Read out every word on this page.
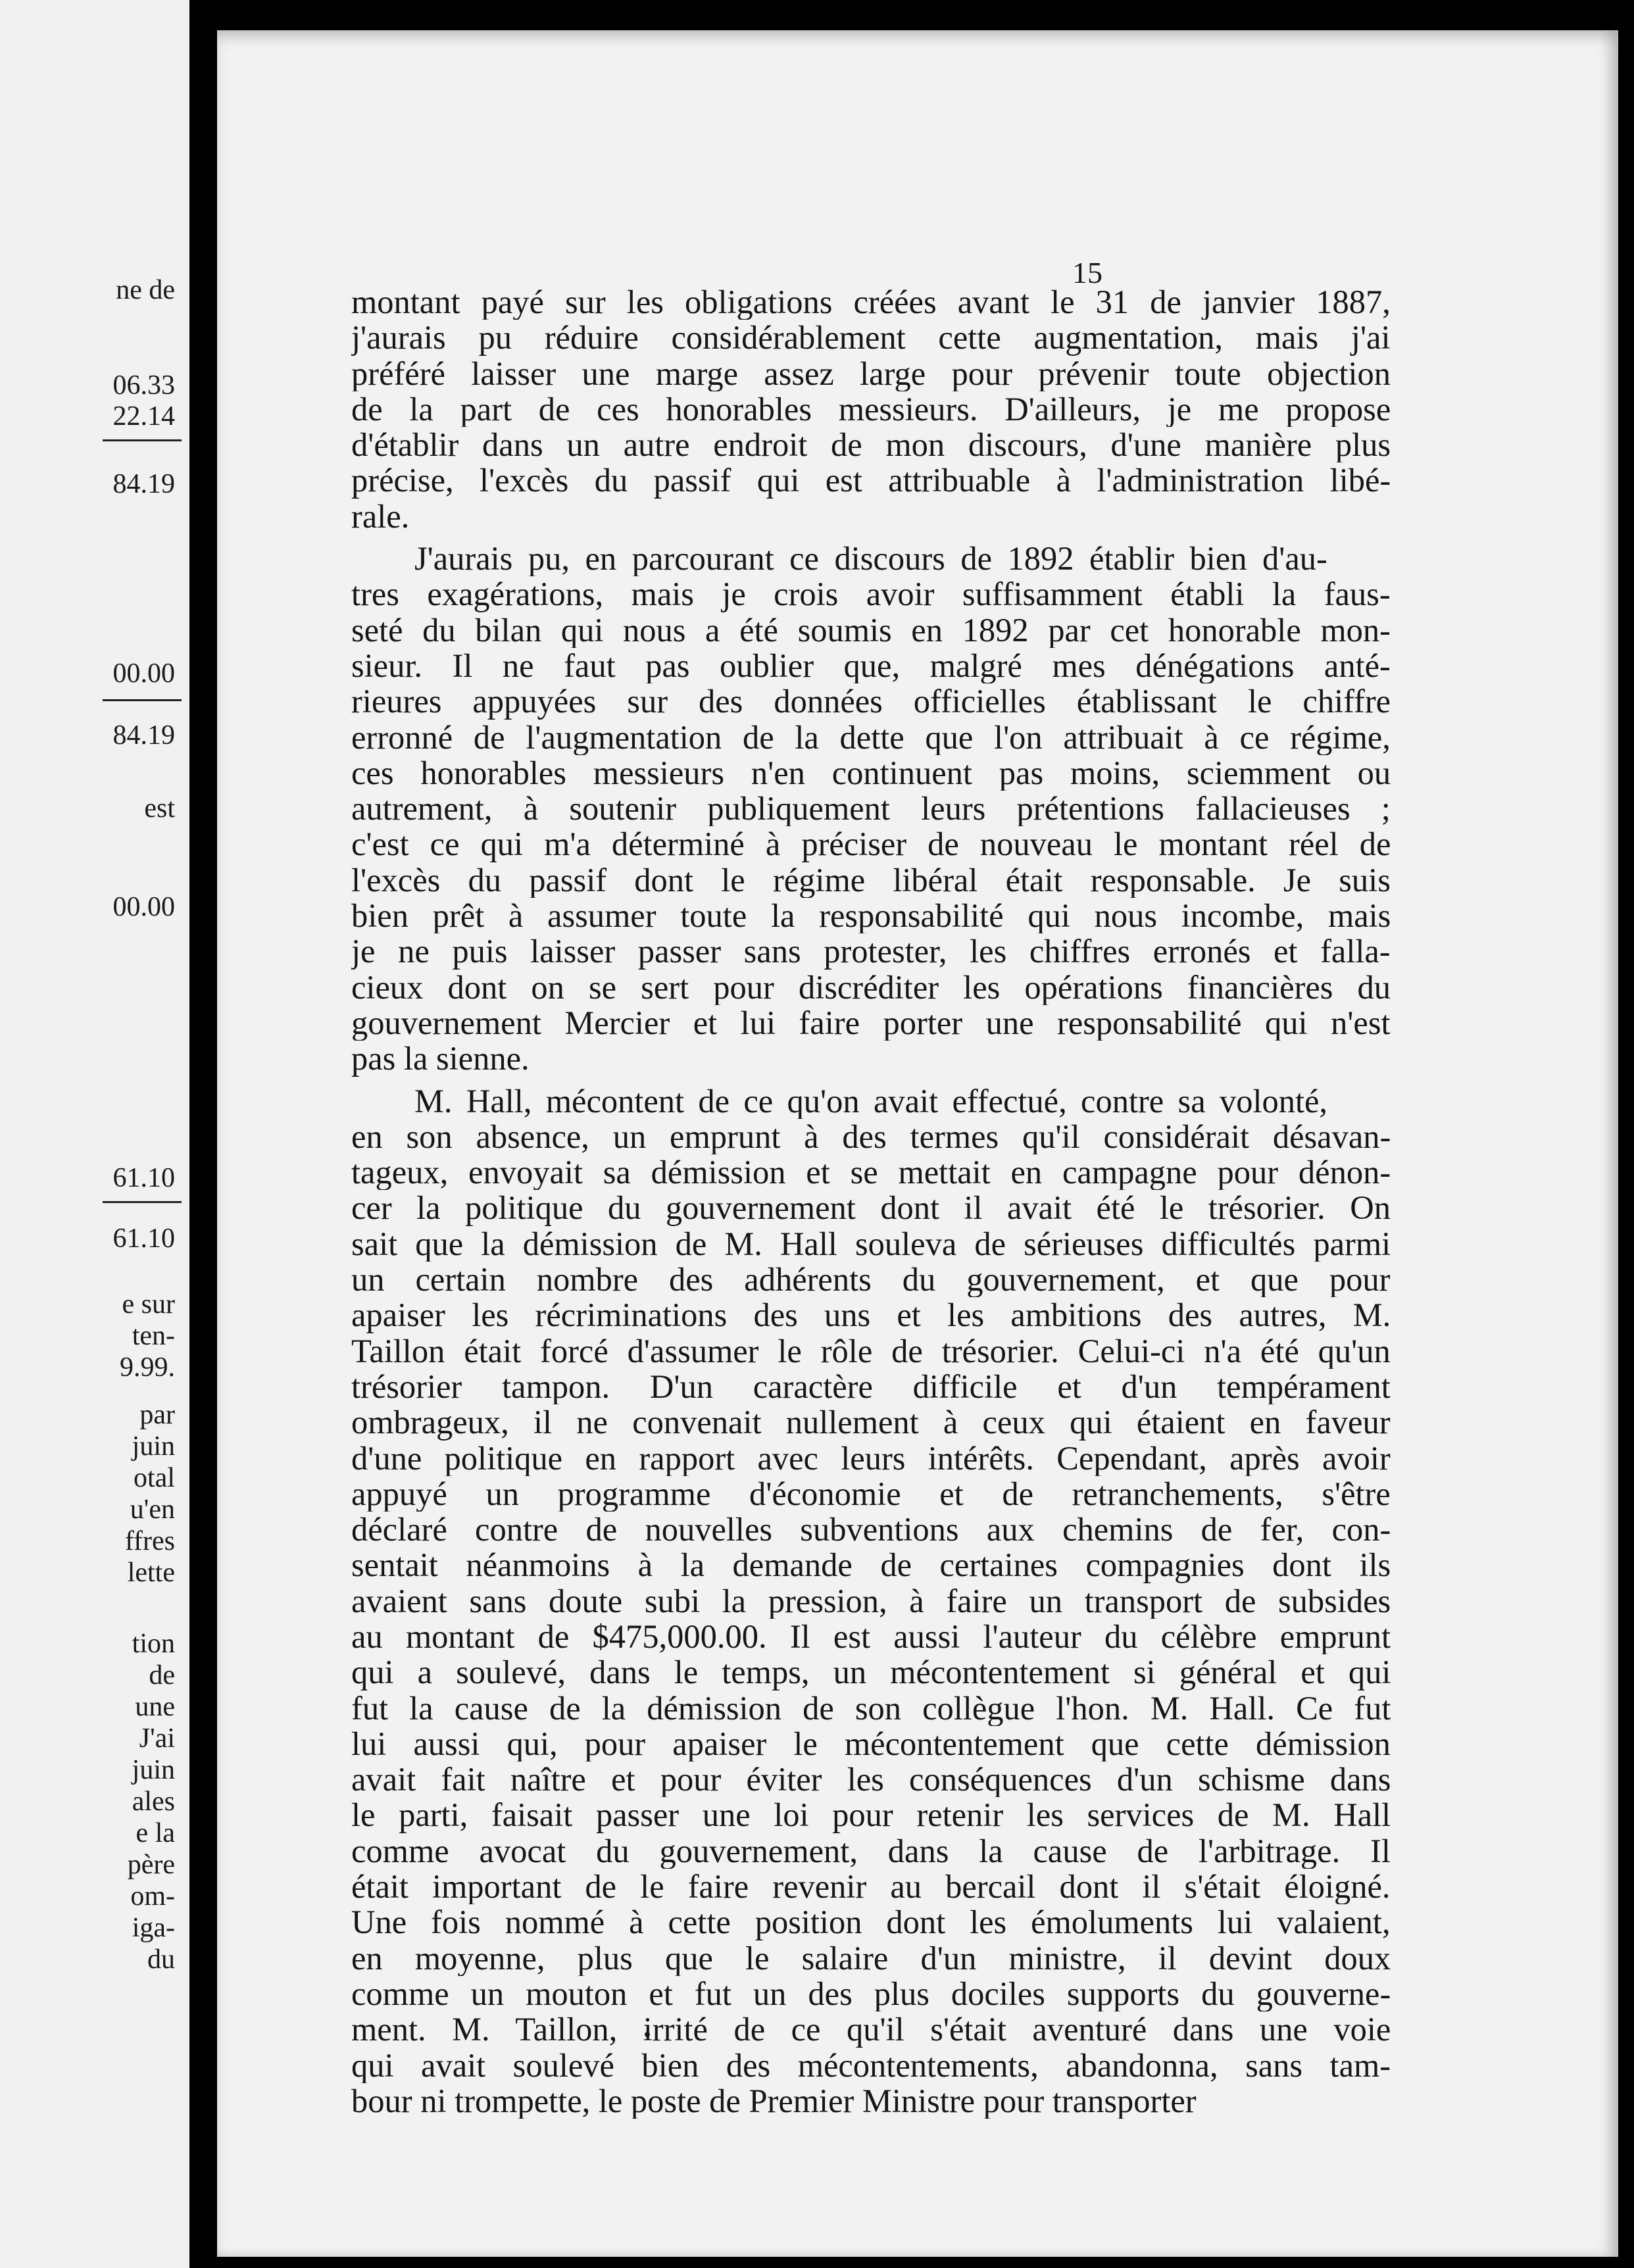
ne de
06.33
22.14
84.19
00.00
84.19
est
00.00
61.10
61.10
e sur
ten-
9.99.
par
juin
otal
u'en
ffres
lette
tion
de
une
J'ai
juin
ales
e la
père
om-
iga-
du
15
montant payé sur les obligations créées avant le 31 de janvier 1887,
j'aurais pu réduire considérablement cette augmentation, mais j'ai
préféré laisser une marge assez large pour prévenir toute objection
de la part de ces honorables messieurs. D'ailleurs, je me propose
d'établir dans un autre endroit de mon discours, d'une manière plus
précise, l'excès du passif qui est attribuable à l'administration libé-
rale.
J'aurais pu, en parcourant ce discours de 1892 établir bien d'au-
tres exagérations, mais je crois avoir suffisamment établi la faus-
seté du bilan qui nous a été soumis en 1892 par cet honorable mon-
sieur. Il ne faut pas oublier que, malgré mes dénégations anté-
rieures appuyées sur des données officielles établissant le chiffre
erronné de l'augmentation de la dette que l'on attribuait à ce régime,
ces honorables messieurs n'en continuent pas moins, sciemment ou
autrement, à soutenir publiquement leurs prétentions fallacieuses ;
c'est ce qui m'a déterminé à préciser de nouveau le montant réel de
l'excès du passif dont le régime libéral était responsable. Je suis
bien prêt à assumer toute la responsabilité qui nous incombe, mais
je ne puis laisser passer sans protester, les chiffres erronés et falla-
cieux dont on se sert pour discréditer les opérations financières du
gouvernement Mercier et lui faire porter une responsabilité qui n'est
pas la sienne.
M. Hall, mécontent de ce qu'on avait effectué, contre sa volonté,
en son absence, un emprunt à des termes qu'il considérait désavan-
tageux, envoyait sa démission et se mettait en campagne pour dénon-
cer la politique du gouvernement dont il avait été le trésorier. On
sait que la démission de M. Hall souleva de sérieuses difficultés parmi
un certain nombre des adhérents du gouvernement, et que pour
apaiser les récriminations des uns et les ambitions des autres, M.
Taillon était forcé d'assumer le rôle de trésorier. Celui-ci n'a été qu'un
trésorier tampon. D'un caractère difficile et d'un tempérament
ombrageux, il ne convenait nullement à ceux qui étaient en faveur
d'une politique en rapport avec leurs intérêts. Cependant, après avoir
appuyé un programme d'économie et de retranchements, s'être
déclaré contre de nouvelles subventions aux chemins de fer, con-
sentait néanmoins à la demande de certaines compagnies dont ils
avaient sans doute subi la pression, à faire un transport de subsides
au montant de $475,000.00. Il est aussi l'auteur du célèbre emprunt
qui a soulevé, dans le temps, un mécontentement si général et qui
fut la cause de la démission de son collègue l'hon. M. Hall. Ce fut
lui aussi qui, pour apaiser le mécontentement que cette démission
avait fait naître et pour éviter les conséquences d'un schisme dans
le parti, faisait passer une loi pour retenir les services de M. Hall
comme avocat du gouvernement, dans la cause de l'arbitrage. Il
était important de le faire revenir au bercail dont il s'était éloigné.
Une fois nommé à cette position dont les émoluments lui valaient,
en moyenne, plus que le salaire d'un ministre, il devint doux
comme un mouton et fut un des plus dociles supports du gouverne-
ment. M. Taillon, irrité de ce qu'il s'était aventuré dans une voie
qui avait soulevé bien des mécontentements, abandonna, sans tam-
bour ni trompette, le poste de Premier Ministre pour transporter
